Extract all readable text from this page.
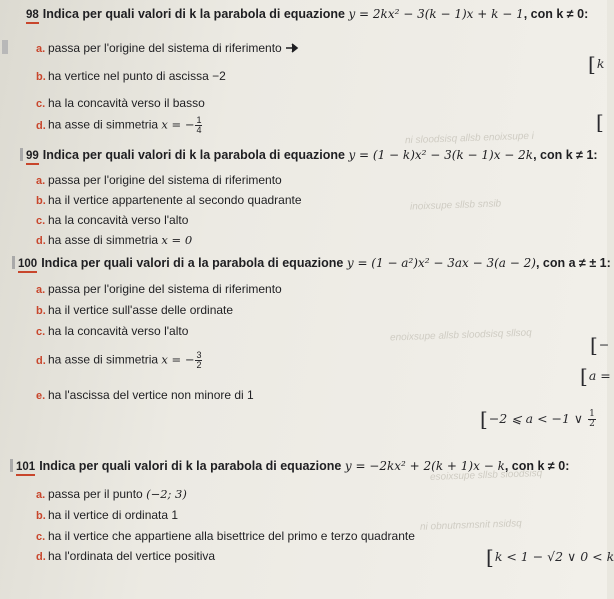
ni sloodsisq allsb enoixsupe i
inoixsupe sllsb snsib
enoixsupe allsb sloodsisq sllsoq
esoixsupe sllsb sloodsisq
ni obnutnsmsnit nsidsq
98 Indica per quali valori di k la parabola di equazione y = 2kx² − 3(k − 1)x + k − 1, con k ≠ 0:
a. passa per l'origine del sistema di riferimento
b. ha vertice nel punto di ascissa −2
c. ha la concavità verso il basso
d. ha asse di simmetria x = − $\frac{1}{4}$
[k
[
99 Indica per quali valori di k la parabola di equazione y = (1 − k)x² − 3(k − 1)x − 2k, con k ≠ 1:
a. passa per l'origine del sistema di riferimento
b. ha il vertice appartenente al secondo quadrante
c. ha la concavità verso l'alto
d. ha asse di simmetria x = 0
100 Indica per quali valori di a la parabola di equazione y = (1 − a²)x² − 3ax − 3(a − 2), con a ≠ ± 1:
a. passa per l'origine del sistema di riferimento
b. ha il vertice sull'asse delle ordinate
c. ha la concavità verso l'alto
d. ha asse di simmetria x = − $\frac{3}{2}$
e. ha l'ascissa del vertice non minore di 1
[−
[a =
[−2 ⩽ a < −1 ∨ $\frac{1}{2}$
101 Indica per quali valori di k la parabola di equazione y = −2kx² + 2(k + 1)x − k, con k ≠ 0:
a. passa per il punto (−2; 3)
b. ha il vertice di ordinata 1
c. ha il vertice che appartiene alla bisettrice del primo e terzo quadrante
d. ha l'ordinata del vertice positiva	[k < 1 − √2 ∨ 0 < k
